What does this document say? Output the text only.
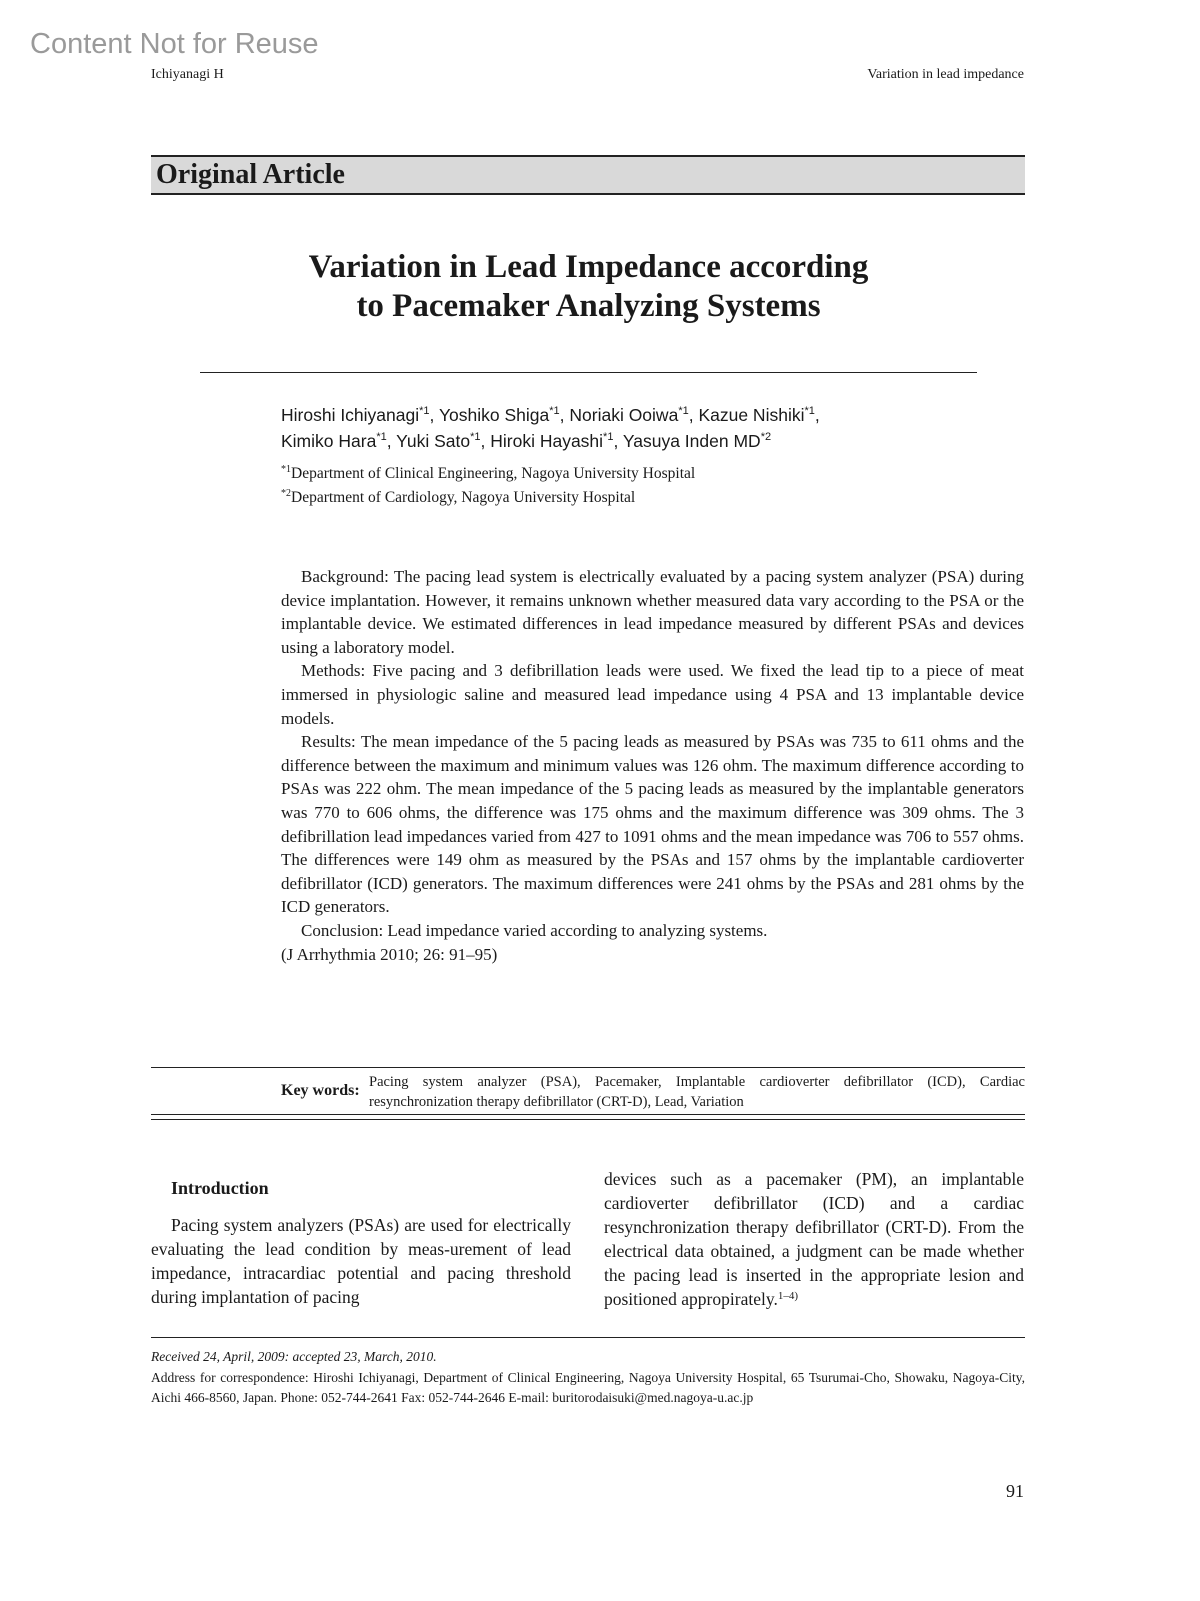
Content Not for Reuse
Ichiyanagi H	Variation in lead impedance
Original Article
Variation in Lead Impedance according
to Pacemaker Analyzing Systems
Hiroshi Ichiyanagi$^{*1}$, Yoshiko Shiga$^{*1}$, Noriaki Ooiwa$^{*1}$, Kazue Nishiki$^{*1}$,
Kimiko Hara$^{*1}$, Yuki Sato$^{*1}$, Hiroki Hayashi$^{*1}$, Yasuya Inden MD$^{*2}$
$^{*1}$Department of Clinical Engineering, Nagoya University Hospital
$^{*2}$Department of Cardiology, Nagoya University Hospital

Background: The pacing lead system is electrically evaluated by a pacing system analyzer (PSA) during device implantation. However, it remains unknown whether measured data vary according to the PSA or the implantable device. We estimated differences in lead impedance measured by different PSAs and devices using a laboratory model.

Methods: Five pacing and 3 defibrillation leads were used. We fixed the lead tip to a piece of meat immersed in physiologic saline and measured lead impedance using 4 PSA and 13 implantable device models.

Results: The mean impedance of the 5 pacing leads as measured by PSAs was 735 to 611 ohms and the difference between the maximum and minimum values was 126 ohm. The maximum difference according to PSAs was 222 ohm. The mean impedance of the 5 pacing leads as measured by the implantable generators was 770 to 606 ohms, the difference was 175 ohms and the maximum difference was 309 ohms. The 3 defibrillation lead impedances varied from 427 to 1091 ohms and the mean impedance was 706 to 557 ohms. The differences were 149 ohm as measured by the PSAs and 157 ohms by the implantable cardioverter defibrillator (ICD) generators. The maximum differences were 241 ohms by the PSAs and 281 ohms by the ICD generators.

Conclusion: Lead impedance varied according to analyzing systems.

(J Arrhythmia 2010; 26: 91–95)

Key words: Pacing system analyzer (PSA), Pacemaker, Implantable cardioverter defibrillator (ICD), Cardiac resynchronization therapy defibrillator (CRT-D), Lead, Variation
Introduction

Pacing system analyzers (PSAs) are used for electrically evaluating the lead condition by meas-urement of lead impedance, intracardiac potential and pacing threshold during implantation of pacing

devices such as a pacemaker (PM), an implantable cardioverter defibrillator (ICD) and a cardiac resynchronization therapy defibrillator (CRT-D). From the electrical data obtained, a judgment can be made whether the pacing lead is inserted in the appropriate lesion and positioned appropirately.$^{1-4)}$

Received 24, April, 2009: accepted 23, March, 2010.
Address for correspondence: Hiroshi Ichiyanagi, Department of Clinical Engineering, Nagoya University Hospital, 65 Tsurumai-Cho, Showaku, Nagoya-City, Aichi 466-8560, Japan. Phone: 052-744-2641 Fax: 052-744-2646 E-mail: buritorodaisuki@med.nagoya-u.ac.jp
91
